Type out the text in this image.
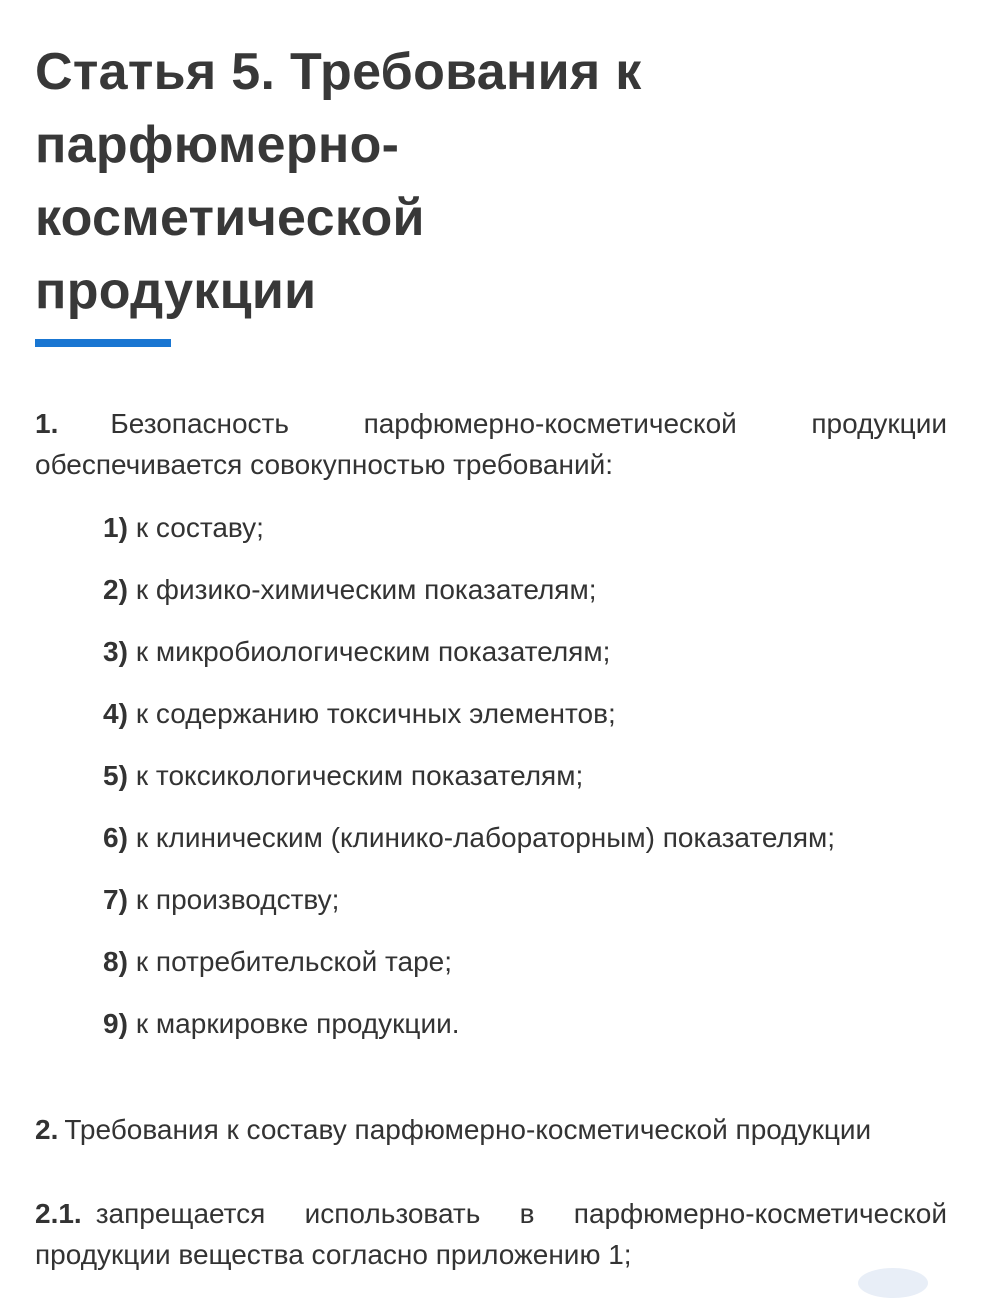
Статья 5. Требования к
парфюмерно-
косметической
продукции

1. Безопасность парфюмерно-косметической продукции обеспечивается совокупностью требований:

1) к составу;
2) к физико-химическим показателям;
3) к микробиологическим показателям;
4) к содержанию токсичных элементов;
5) к токсикологическим показателям;
6) к клиническим (клинико-лабораторным) показателям;
7) к производству;
8) к потребительской таре;
9) к маркировке продукции.

2. Требования к составу парфюмерно-косметической продукции

2.1. запрещается использовать в парфюмерно-косметической продукции вещества согласно приложению 1;
